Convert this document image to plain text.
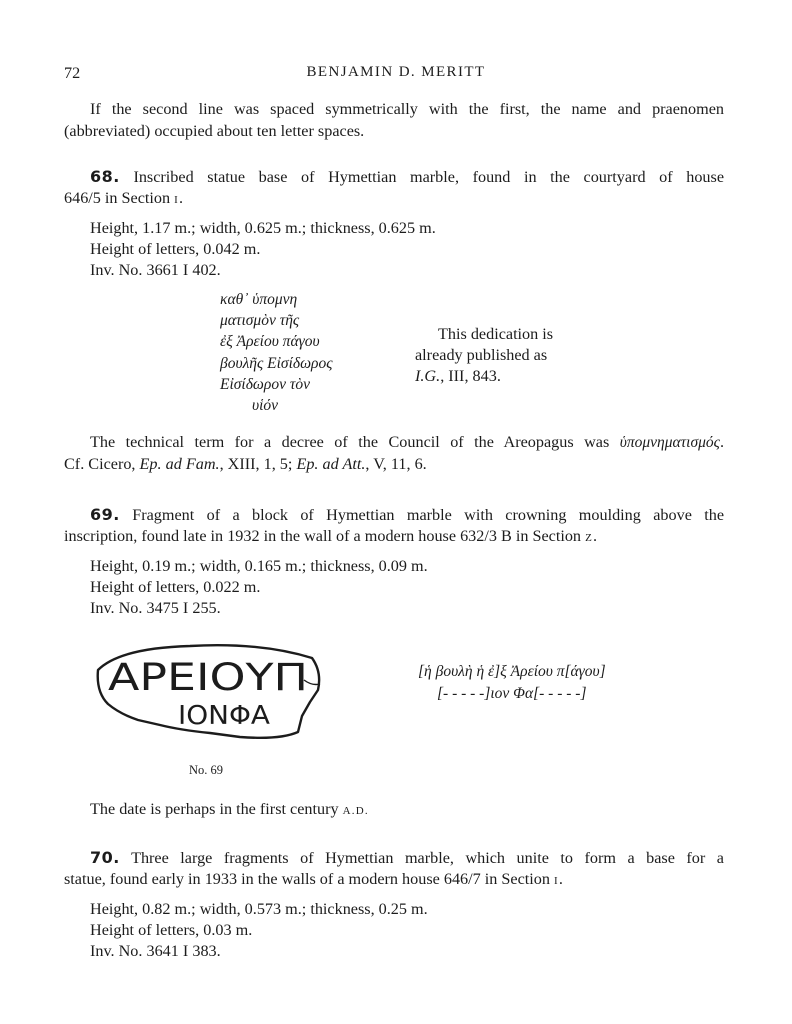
72	BENJAMIN D. MERITT
If the second line was spaced symmetrically with the first, the name and praenomen
(abbreviated) occupied about ten letter spaces.
68. Inscribed statue base of Hymettian marble, found in the courtyard of house
646/5 in Section I.
Height, 1.17 m.; width, 0.625 m.; thickness, 0.625 m.
Height of letters, 0.042 m.
Inv. No. 3661 I 402.
καθ᾽ ὑπομνη
ματισμὸν τῆς
ἐξ Ἀρείου πάγου
βουλῆς Εἰσίδωρος
Εἰσίδωρον τὸν
υἱόν
This dedication is
already published as
I.G., III, 843.
The technical term for a decree of the Council of the Areopagus was ὑπομνηματισμός.
Cf. Cicero, Ep. ad Fam., XIII, 1, 5; Ep. ad Att., V, 11, 6.
69. Fragment of a block of Hymettian marble with crowning moulding above the
inscription, found late in 1932 in the wall of a modern house 632/3 B in Section Z.
Height, 0.19 m.; width, 0.165 m.; thickness, 0.09 m.
Height of letters, 0.022 m.
Inv. No. 3475 I 255.
ΑΡΕΙΟΥΠ
ΙΟΝΦΑ
No. 69
[ἡ βουλὴ ἡ ἐ]ξ Ἀρείου π[άγου]
[- - - - -]ιον Φα[- - - - -]
The date is perhaps in the first century A.D.
70. Three large fragments of Hymettian marble, which unite to form a base for a
statue, found early in 1933 in the walls of a modern house 646/7 in Section I.
Height, 0.82 m.; width, 0.573 m.; thickness, 0.25 m.
Height of letters, 0.03 m.
Inv. No. 3641 I 383.
